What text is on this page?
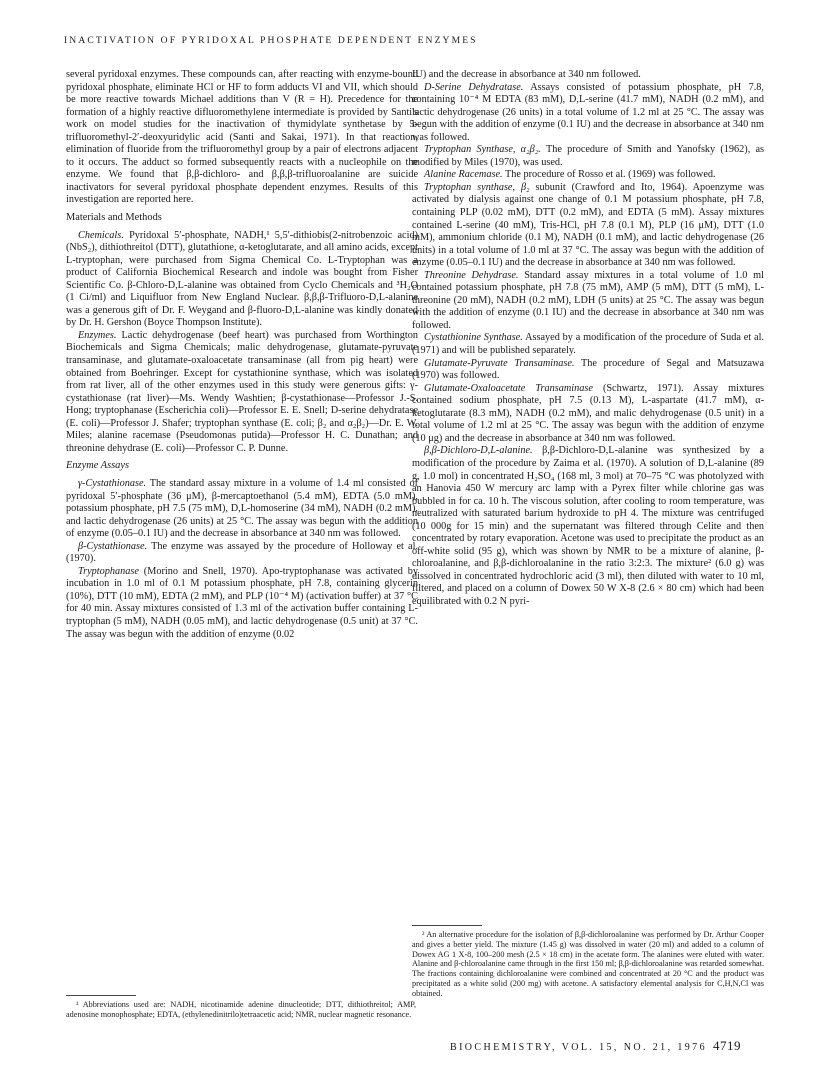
INACTIVATION OF PYRIDOXAL PHOSPHATE DEPENDENT ENZYMES

several pyridoxal enzymes. These compounds can, after reacting with enzyme-bound pyridoxal phosphate, eliminate HCl or HF to form adducts VI and VII, which should be more reactive towards Michael additions than V (R = H). Precedence for the formation of a highly reactive difluoromethylene intermediate is provided by Santi's work on model studies for the inactivation of thymidylate synthetase by 5-trifluoromethyl-2′-deoxyuridylic acid (Santi and Sakai, 1971). In that reaction, elimination of fluoride from the trifluoromethyl group by a pair of electrons adjacent to it occurs. The adduct so formed subsequently reacts with a nucleophile on the enzyme. We found that β,β-dichloro- and β,β,β-trifluoroalanine are suicide inactivators for several pyridoxal phosphate dependent enzymes. Results of this investigation are reported here.

Materials and Methods

Chemicals. Pyridoxal 5′-phosphate, NADH,¹ 5,5′-dithiobis(2-nitrobenzoic acid) (NbS₂), dithiothreitol (DTT), glutathione, α-ketoglutarate, and all amino acids, except L-tryptophan, were purchased from Sigma Chemical Co. L-Tryptophan was a product of California Biochemical Research and indole was bought from Fisher Scientific Co. β-Chloro-D,L-alanine was obtained from Cyclo Chemicals and ³H₂O (1 Ci/ml) and Liquifluor from New England Nuclear. β,β,β-Trifluoro-D,L-alanine was a generous gift of Dr. F. Weygand and β-fluoro-D,L-alanine was kindly donated by Dr. H. Gershon (Boyce Thompson Institute).

Enzymes. Lactic dehydrogenase (beef heart) was purchased from Worthington Biochemicals and Sigma Chemicals; malic dehydrogenase, glutamate-pyruvate transaminase, and glutamate-oxaloacetate transaminase (all from pig heart) were obtained from Boehringer. Except for cystathionine synthase, which was isolated from rat liver, all of the other enzymes used in this study were generous gifts: γ-cystathionase (rat liver)—Ms. Wendy Washtien; β-cystathionase—Professor J.-S. Hong; tryptophanase (Escherichia coli)—Professor E. E. Snell; D-serine dehydratase (E. coli)—Professor J. Shafer; tryptophan synthase (E. coli; β₂ and α₂β₂)—Dr. E. W. Miles; alanine racemase (Pseudomonas putida)—Professor H. C. Dunathan; and threonine dehydrase (E. coli)—Professor C. P. Dunne.

Enzyme Assays

γ-Cystathionase. The standard assay mixture in a volume of 1.4 ml consisted of pyridoxal 5′-phosphate (36 μM), β-mercaptoethanol (5.4 mM), EDTA (5.0 mM), potassium phosphate, pH 7.5 (75 mM), D,L-homoserine (34 mM), NADH (0.2 mM), and lactic dehydrogenase (26 units) at 25 °C. The assay was begun with the addition of enzyme (0.05–0.1 IU) and the decrease in absorbance at 340 nm was followed.

β-Cystathionase. The enzyme was assayed by the procedure of Holloway et al. (1970).

Tryptophanase (Morino and Snell, 1970). Apo-tryptophanase was activated by incubation in 1.0 ml of 0.1 M potassium phosphate, pH 7.8, containing glycerin (10%), DTT (10 mM), EDTA (2 mM), and PLP (10⁻⁴ M) (activation buffer) at 37 °C for 40 min. Assay mixtures consisted of 1.3 ml of the activation buffer containing L-tryptophan (5 mM), NADH (0.05 mM), and lactic dehydrogenase (0.5 unit) at 37 °C. The assay was begun with the addition of enzyme (0.02

IU) and the decrease in absorbance at 340 nm followed.

D-Serine Dehydratase. Assays consisted of potassium phosphate, pH 7.8, containing 10⁻⁴ M EDTA (83 mM), D,L-serine (41.7 mM), NADH (0.2 mM), and lactic dehydrogenase (26 units) in a total volume of 1.2 ml at 25 °C. The assay was begun with the addition of enzyme (0.1 IU) and the decrease in absorbance at 340 nm was followed.

Tryptophan Synthase, α₂β₂. The procedure of Smith and Yanofsky (1962), as modified by Miles (1970), was used.

Alanine Racemase. The procedure of Rosso et al. (1969) was followed.

Tryptophan synthase, β₂ subunit (Crawford and Ito, 1964). Apoenzyme was activated by dialysis against one change of 0.1 M potassium phosphate, pH 7.8, containing PLP (0.02 mM), DTT (0.2 mM), and EDTA (5 mM). Assay mixtures contained L-serine (40 mM), Tris-HCl, pH 7.8 (0.1 M), PLP (16 μM), DTT (1.0 mM), ammonium chloride (0.1 M), NADH (0.1 mM), and lactic dehydrogenase (26 units) in a total volume of 1.0 ml at 37 °C. The assay was begun with the addition of enzyme (0.05–0.1 IU) and the decrease in absorbance at 340 nm was followed.

Threonine Dehydrase. Standard assay mixtures in a total volume of 1.0 ml contained potassium phosphate, pH 7.8 (75 mM), AMP (5 mM), DTT (5 mM), L-threonine (20 mM), NADH (0.2 mM), LDH (5 units) at 25 °C. The assay was begun with the addition of enzyme (0.1 IU) and the decrease in absorbance at 340 nm was followed.

Cystathionine Synthase. Assayed by a modification of the procedure of Suda et al. (1971) and will be published separately.

Glutamate-Pyruvate Transaminase. The procedure of Segal and Matsuzawa (1970) was followed.

Glutamate-Oxaloacetate Transaminase (Schwartz, 1971). Assay mixtures contained sodium phosphate, pH 7.5 (0.13 M), L-aspartate (41.7 mM), α-ketoglutarate (8.3 mM), NADH (0.2 mM), and malic dehydrogenase (0.5 unit) in a total volume of 1.2 ml at 25 °C. The assay was begun with the addition of enzyme (10 μg) and the decrease in absorbance at 340 nm was followed.

β,β-Dichloro-D,L-alanine. β,β-Dichloro-D,L-alanine was synthesized by a modification of the procedure by Zaima et al. (1970). A solution of D,L-alanine (89 g, 1.0 mol) in concentrated H₂SO₄ (168 ml, 3 mol) at 70–75 °C was photolyzed with an Hanovia 450 W mercury arc lamp with a Pyrex filter while chlorine gas was bubbled in for ca. 10 h. The viscous solution, after cooling to room temperature, was neutralized with saturated barium hydroxide to pH 4. The mixture was centrifuged (10 000g for 15 min) and the supernatant was filtered through Celite and then concentrated by rotary evaporation. Acetone was used to precipitate the product as an off-white solid (95 g), which was shown by NMR to be a mixture of alanine, β-chloroalanine, and β,β-dichloroalanine in the ratio 3:2:3. The mixture² (6.0 g) was dissolved in concentrated hydrochloric acid (3 ml), then diluted with water to 10 ml, filtered, and placed on a column of Dowex 50 W X-8 (2.6 × 80 cm) which had been equilibrated with 0.2 N pyri-

¹ Abbreviations used are: NADH, nicotinamide adenine dinucleotide; DTT, dithiothreitol; AMP, adenosine monophosphate; EDTA, (ethylenedinitrilo)tetraacetic acid; NMR, nuclear magnetic resonance.

² An alternative procedure for the isolation of β,β-dichloroalanine was performed by Dr. Arthur Cooper and gives a better yield. The mixture (1.45 g) was dissolved in water (20 ml) and added to a column of Dowex AG 1 X-8, 100–200 mesh (2.5 × 18 cm) in the acetate form. The alanines were eluted with water. Alanine and β-chloroalanine came through in the first 150 ml; β,β-dichloroalanine was retarded somewhat. The fractions containing dichloroalanine were combined and concentrated at 20 °C and the product was precipitated as a white solid (200 mg) with acetone. A satisfactory elemental analysis for C,H,N,Cl was obtained.

BIOCHEMISTRY, VOL. 15, NO. 21, 1976 4719
